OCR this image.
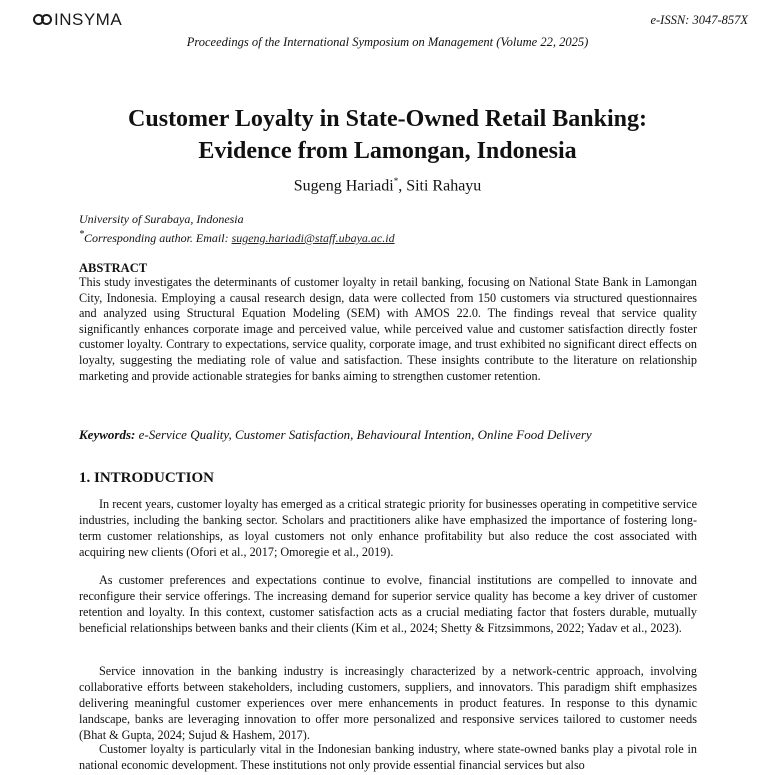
INSYMA	e-ISSN: 3047-857X
Proceedings of the International Symposium on Management (Volume 22, 2025)
Customer Loyalty in State-Owned Retail Banking:
Evidence from Lamongan, Indonesia
Sugeng Hariadi*, Siti Rahayu
University of Surabaya, Indonesia
*Corresponding author. Email: sugeng.hariadi@staff.ubaya.ac.id
ABSTRACT
This study investigates the determinants of customer loyalty in retail banking, focusing on National State Bank in Lamongan City, Indonesia. Employing a causal research design, data were collected from 150 customers via structured questionnaires and analyzed using Structural Equation Modeling (SEM) with AMOS 22.0. The findings reveal that service quality significantly enhances corporate image and perceived value, while perceived value and customer satisfaction directly foster customer loyalty. Contrary to expectations, service quality, corporate image, and trust exhibited no significant direct effects on loyalty, suggesting the mediating role of value and satisfaction. These insights contribute to the literature on relationship marketing and provide actionable strategies for banks aiming to strengthen customer retention.
Keywords: e-Service Quality, Customer Satisfaction, Behavioural Intention, Online Food Delivery
1. INTRODUCTION

In recent years, customer loyalty has emerged as a critical strategic priority for businesses operating in competitive service industries, including the banking sector. Scholars and practitioners alike have emphasized the importance of fostering long-term customer relationships, as loyal customers not only enhance profitability but also reduce the cost associated with acquiring new clients (Ofori et al., 2017; Omoregie et al., 2019).

As customer preferences and expectations continue to evolve, financial institutions are compelled to innovate and reconfigure their service offerings. The increasing demand for superior service quality has become a key driver of customer retention and loyalty. In this context, customer satisfaction acts as a crucial mediating factor that fosters durable, mutually beneficial relationships between banks and their clients (Kim et al., 2024; Shetty & Fitzsimmons, 2022; Yadav et al., 2023).

Service innovation in the banking industry is increasingly characterized by a network-centric approach, involving collaborative efforts between stakeholders, including customers, suppliers, and innovators. This paradigm shift emphasizes delivering meaningful customer experiences over mere enhancements in product features. In response to this dynamic landscape, banks are leveraging innovation to offer more personalized and responsive services tailored to customer needs (Bhat & Gupta, 2024; Sujud & Hashem, 2017).

Customer loyalty is particularly vital in the Indonesian banking industry, where state-owned banks play a pivotal role in national economic development. These institutions not only provide essential financial services but also
